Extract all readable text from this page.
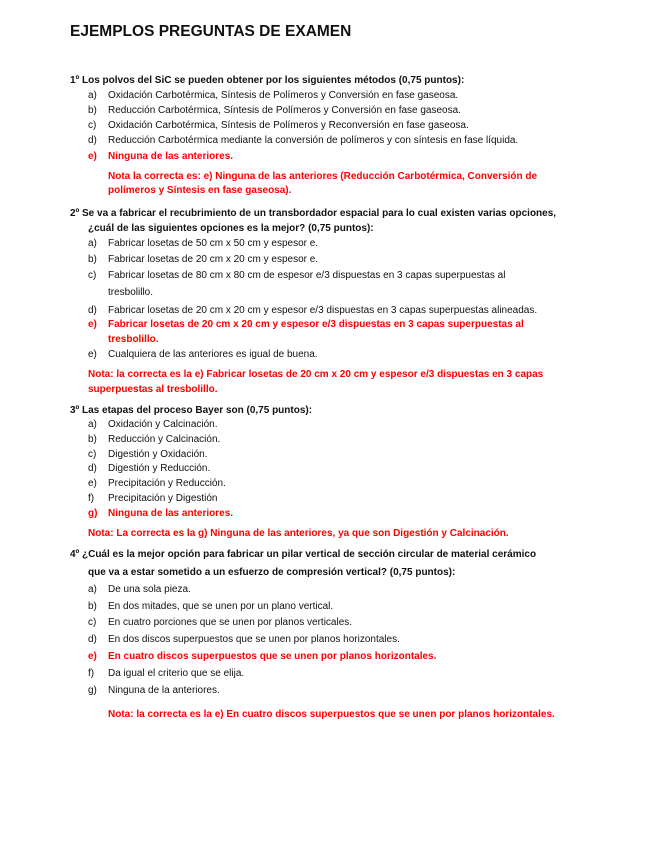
EJEMPLOS PREGUNTAS DE EXAMEN
1º Los polvos del SiC se pueden obtener por los siguientes métodos (0,75 puntos):
a) Oxidación Carbotérmica, Síntesis de Polímeros y Conversión en fase gaseosa.
b) Reducción Carbotérmica, Síntesis de Polímeros y Conversión en fase gaseosa.
c) Oxidación Carbotérmica, Síntesis de Polímeros y Reconversión en fase gaseosa.
d) Reducción Carbotérmica mediante la conversión de polímeros y con síntesis en fase líquida.
e) Ninguna de las anteriores.
Nota la correcta es: e) Ninguna de las anteriores (Reducción Carbotérmica, Conversión de
polímeros y Síntesis en fase gaseosa).
2º Se va a fabricar el recubrimiento de un transbordador espacial para lo cual existen varias opciones,
¿cuál de las siguientes opciones es la mejor? (0,75 puntos):
a) Fabricar losetas de 50 cm x 50 cm y espesor e.
b) Fabricar losetas de 20 cm x 20 cm y espesor e.
c) Fabricar losetas de 80 cm x 80 cm de espesor e/3 dispuestas en 3 capas superpuestas al
tresbolillo.
d) Fabricar losetas de 20 cm x 20 cm y espesor e/3 dispuestas en 3 capas superpuestas alineadas.
e) Fabricar losetas de 20 cm x 20 cm y espesor e/3 dispuestas en 3 capas superpuestas al
tresbolillo.
e) Cualquiera de las anteriores es igual de buena.
Nota: la correcta es la e) Fabricar losetas de 20 cm x 20 cm y espesor e/3 dispuestas en 3 capas
superpuestas al tresbolillo.
3º Las etapas del proceso Bayer son (0,75 puntos):
a) Oxidación y Calcinación.
b) Reducción y Calcinación.
c) Digestión y Oxidación.
d) Digestión y Reducción.
e) Precipitación y Reducción.
f) Precipitación y Digestión
g) Ninguna de las anteriores.
Nota: La correcta es la g) Ninguna de las anteriores, ya que son Digestión y Calcinación.
4º ¿Cuál es la mejor opción para fabricar un pilar vertical de sección circular de material cerámico
que va a estar sometido a un esfuerzo de compresión vertical? (0,75 puntos):
a) De una sola pieza.
b) En dos mitades, que se unen por un plano vertical.
c) En cuatro porciones que se unen por planos verticales.
d) En dos discos superpuestos que se unen por planos horizontales.
e) En cuatro discos superpuestos que se unen por planos horizontales.
f) Da igual el criterio que se elija.
g) Ninguna de la anteriores.
Nota: la correcta es la e) En cuatro discos superpuestos que se unen por planos horizontales.
